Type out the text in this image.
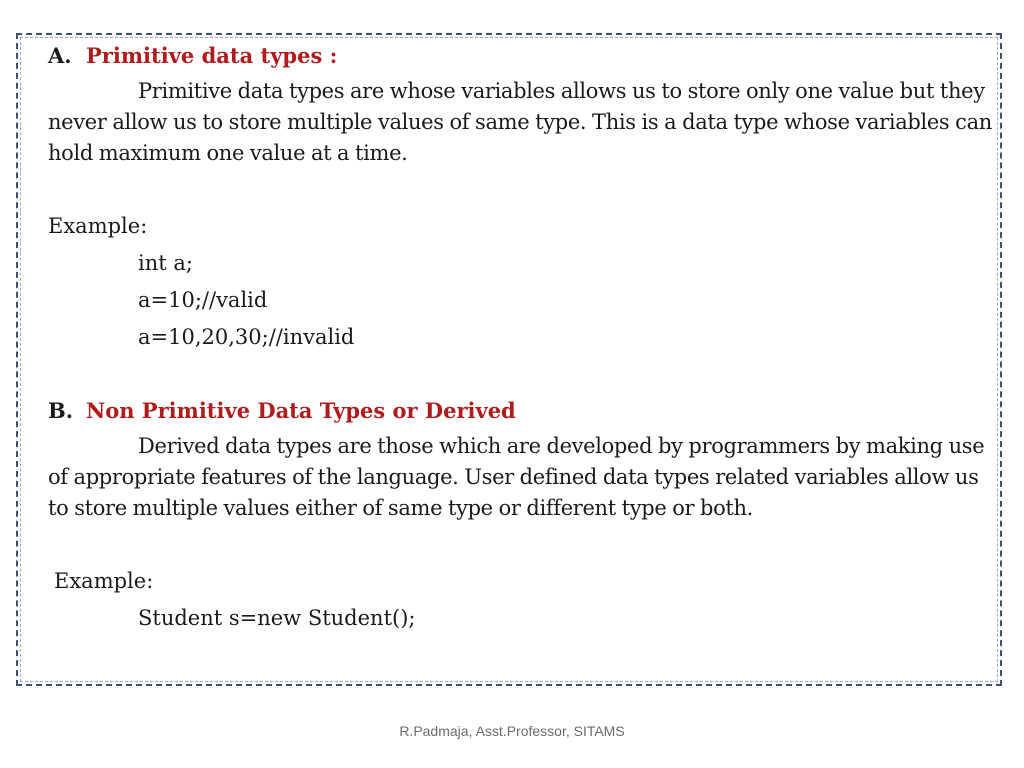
A. Primitive data types :

Primitive data types are whose variables allows us to store only one value but they never allow us to store multiple values of same type. This is a data type whose variables can hold maximum one value at a time.

Example:
int a;
a=10;//valid
a=10,20,30;//invalid
B. Non Primitive Data Types or Derived

Derived data types are those which are developed by programmers by making use of appropriate features of the language. User defined data types related variables allow us to store multiple values either of same type or different type or both.

Example:
Student s=new Student();
R.Padmaja, Asst.Professor, SITAMS
